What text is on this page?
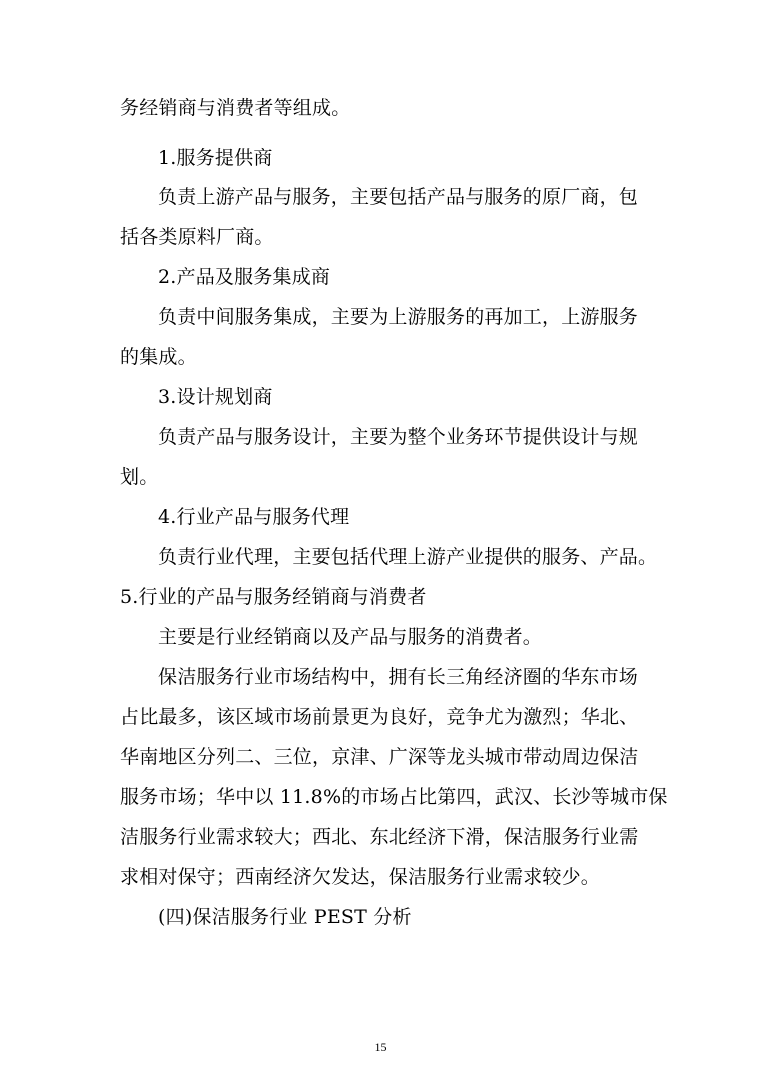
务经销商与消费者等组成。
1.服务提供商
负责上游产品与服务，主要包括产品与服务的原厂商，包
括各类原料厂商。
2.产品及服务集成商
负责中间服务集成，主要为上游服务的再加工，上游服务
的集成。
3.设计规划商
负责产品与服务设计，主要为整个业务环节提供设计与规
划。
4.行业产品与服务代理
负责行业代理，主要包括代理上游产业提供的服务、产品。
5.行业的产品与服务经销商与消费者
主要是行业经销商以及产品与服务的消费者。
保洁服务行业市场结构中，拥有长三角经济圈的华东市场
占比最多，该区域市场前景更为良好，竞争尤为激烈；华北、
华南地区分列二、三位，京津、广深等龙头城市带动周边保洁
服务市场；华中以 11.8%的市场占比第四，武汉、长沙等城市保
洁服务行业需求较大；西北、东北经济下滑，保洁服务行业需
求相对保守；西南经济欠发达，保洁服务行业需求较少。
(四)保洁服务行业 PEST 分析
15
